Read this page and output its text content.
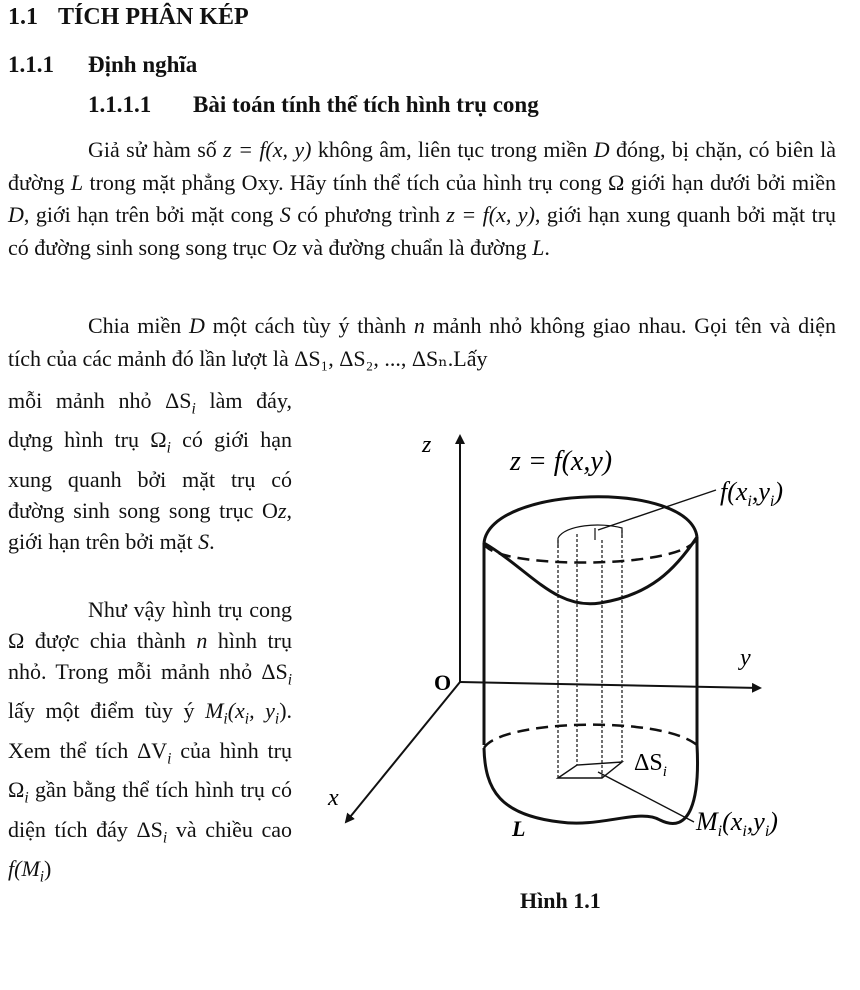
1.1 TÍCH PHÂN KÉP
1.1.1 Định nghĩa
1.1.1.1 Bài toán tính thể tích hình trụ cong
Giả sử hàm số z = f(x, y) không âm, liên tục trong miền D đóng, bị chặn, có biên là đường L trong mặt phẳng Oxy. Hãy tính thể tích của hình trụ cong Ω giới hạn dưới bởi miền D, giới hạn trên bởi mặt cong S có phương trình z = f(x, y), giới hạn xung quanh bởi mặt trụ có đường sinh song song trục Oz và đường chuẩn là đường L.
Chia miền D một cách tùy ý thành n mảnh nhỏ không giao nhau. Gọi tên và diện tích của các mảnh đó lần lượt là ΔS₁, ΔS₂, ..., ΔSₙ.Lấy
mỗi mảnh nhỏ $\Delta S_i$ làm đáy, dựng hình trụ $\Omega_i$ có giới hạn xung quanh bởi mặt trụ có đường sinh song song trục Oz, giới hạn trên bởi mặt S.
Như vậy hình trụ cong Ω được chia thành n hình trụ nhỏ. Trong mỗi mảnh nhỏ $\Delta S_i$ lấy một điểm tùy ý $M_i(x_i$, $y_i$). Xem thể tích $\Delta V_i$ của hình trụ $\Omega_i$ gần bằng thể tích hình trụ có diện tích đáy $\Delta S_i$ và chiều cao $f(M_i)$
z
y
x
O
z = f(x,y)
$f(x_i,y_i)$
$\Delta S_i$
L	$M_i(x_i,y_i)$
Hình 1.1
